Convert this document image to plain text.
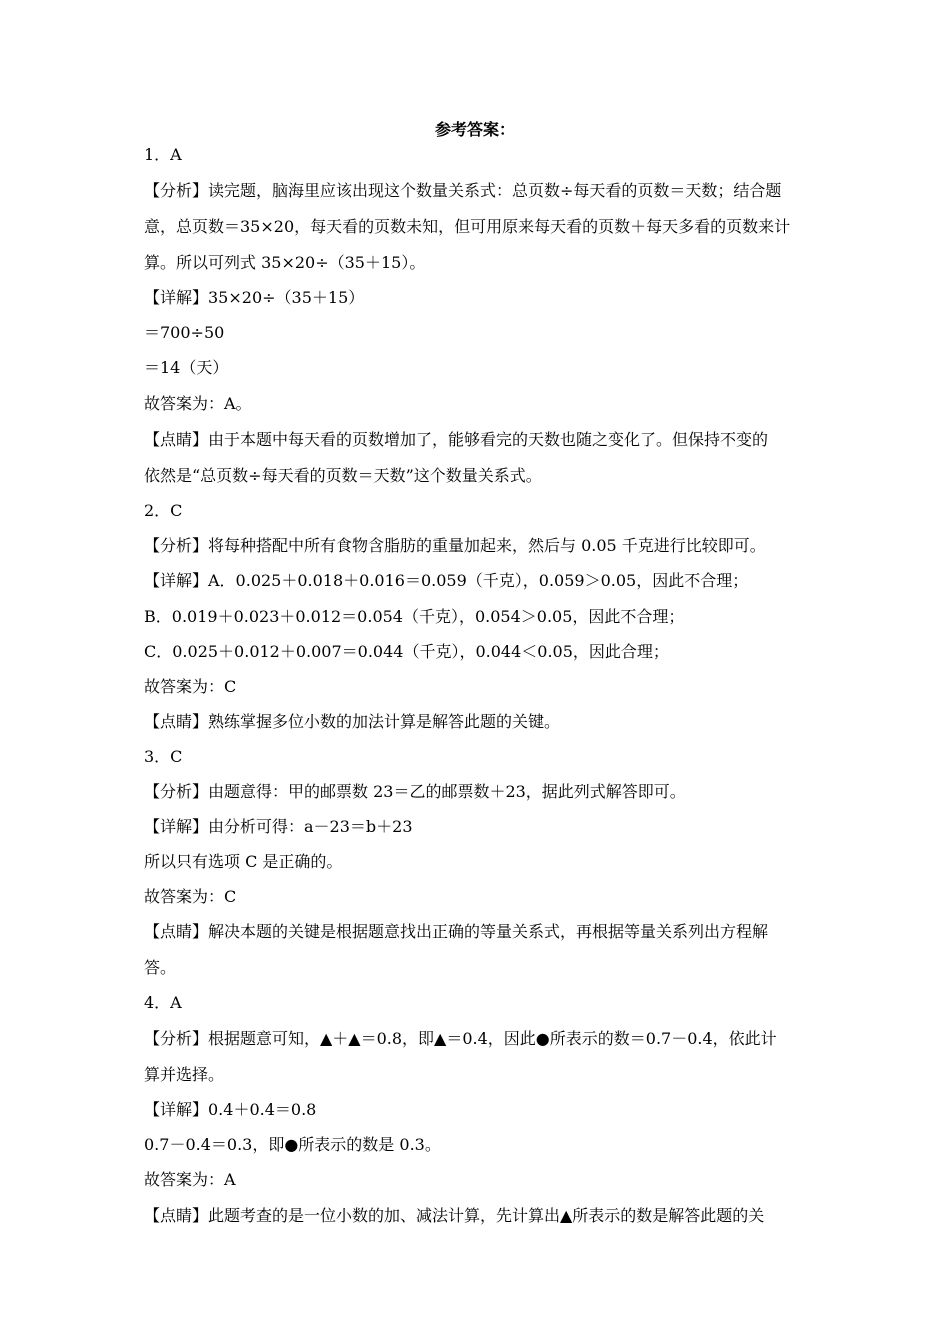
参考答案：
1．A
【分析】读完题，脑海里应该出现这个数量关系式：总页数÷每天看的页数＝天数；结合题
意，总页数＝35×20，每天看的页数未知，但可用原来每天看的页数＋每天多看的页数来计
算。所以可列式 35×20÷（35＋15）。
【详解】35×20÷（35＋15）
＝700÷50
＝14（天）
故答案为：A。
【点睛】由于本题中每天看的页数增加了，能够看完的天数也随之变化了。但保持不变的
依然是“总页数÷每天看的页数＝天数”这个数量关系式。
2．C
【分析】将每种搭配中所有食物含脂肪的重量加起来，然后与 0.05 千克进行比较即可。
【详解】A．0.025＋0.018＋0.016＝0.059（千克），0.059＞0.05，因此不合理；
B．0.019＋0.023＋0.012＝0.054（千克），0.054＞0.05，因此不合理；
C．0.025＋0.012＋0.007＝0.044（千克），0.044＜0.05，因此合理；
故答案为：C
【点睛】熟练掌握多位小数的加法计算是解答此题的关键。
3．C
【分析】由题意得：甲的邮票数 23＝乙的邮票数＋23，据此列式解答即可。
【详解】由分析可得：a－23＝b＋23
所以只有选项 C 是正确的。
故答案为：C
【点睛】解决本题的关键是根据题意找出正确的等量关系式，再根据等量关系列出方程解
答。
4．A
【分析】根据题意可知，▲＋▲＝0.8，即▲＝0.4，因此●所表示的数＝0.7－0.4，依此计
算并选择。
【详解】0.4＋0.4＝0.8
0.7－0.4＝0.3，即●所表示的数是 0.3。
故答案为：A
【点睛】此题考查的是一位小数的加、减法计算，先计算出▲所表示的数是解答此题的关
